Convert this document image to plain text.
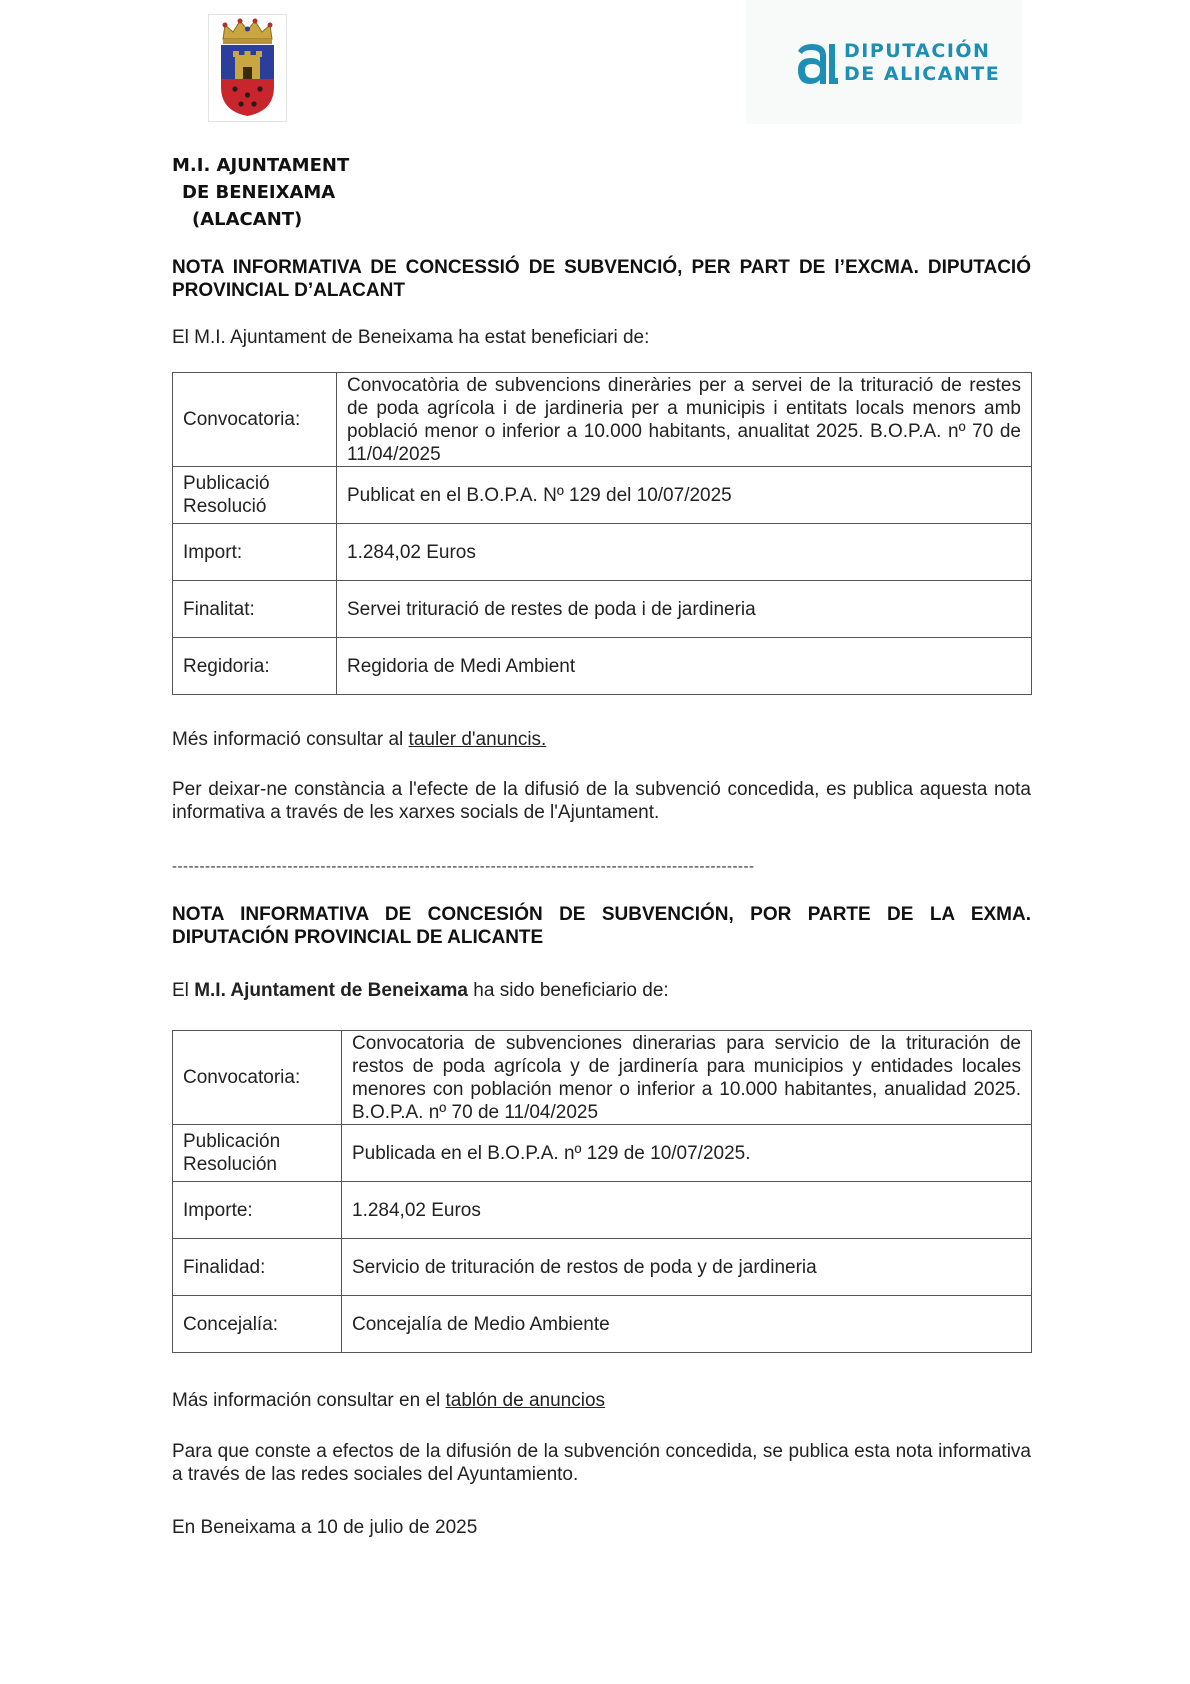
DIPUTACIÓN
DE ALICANTE
M.I. AJUNTAMENT
DE BENEIXAMA
(ALACANT)
NOTA INFORMATIVA DE CONCESSIÓ DE SUBVENCIÓ, PER PART DE l’EXCMA. DIPUTACIÓ PROVINCIAL D’ALACANT
El M.I. Ajuntament de Beneixama ha estat beneficiari de:
Convocatoria:	Convocatòria de subvencions dineràries per a servei de la trituració de restes de poda agrícola i de jardineria per a municipis i entitats locals menors amb població menor o inferior a 10.000 habitants, anualitat 2025. B.O.P.A. nº 70 de 11/04/2025

Publicació
Resolució	Publicat en el B.O.P.A. Nº 129 del 10/07/2025
Import:	1.284,02 Euros
Finalitat:	Servei trituració de restes de poda i de jardineria
Regidoria:	Regidoria de Medi Ambient
Més informació consultar al tauler d'anuncis.
Per deixar-ne constància a l'efecte de la difusió de la subvenció concedida, es publica aquesta nota informativa a través de les xarxes socials de l'Ajuntament.
----------------------------------------------------------------------------------------------------------
NOTA INFORMATIVA DE CONCESIÓN DE SUBVENCIÓN, POR PARTE DE LA EXMA. DIPUTACIÓN PROVINCIAL DE ALICANTE
El M.I. Ajuntament de Beneixama ha sido beneficiario de:
Convocatoria:	Convocatoria de subvenciones dinerarias para servicio de la trituración de restos de poda agrícola y de jardinería para municipios y entidades locales menores con población menor o inferior a 10.000 habitantes, anualidad 2025. B.O.P.A. nº 70 de 11/04/2025

Publicación
Resolución	Publicada en el B.O.P.A. nº 129 de 10/07/2025.
Importe:	1.284,02 Euros
Finalidad:	Servicio de trituración de restos de poda y de jardineria
Concejalía:	Concejalía de Medio Ambiente
Más información consultar en el tablón de anuncios
Para que conste a efectos de la difusión de la subvención concedida, se publica esta nota informativa a través de las redes sociales del Ayuntamiento.
En Beneixama a 10 de julio de 2025
